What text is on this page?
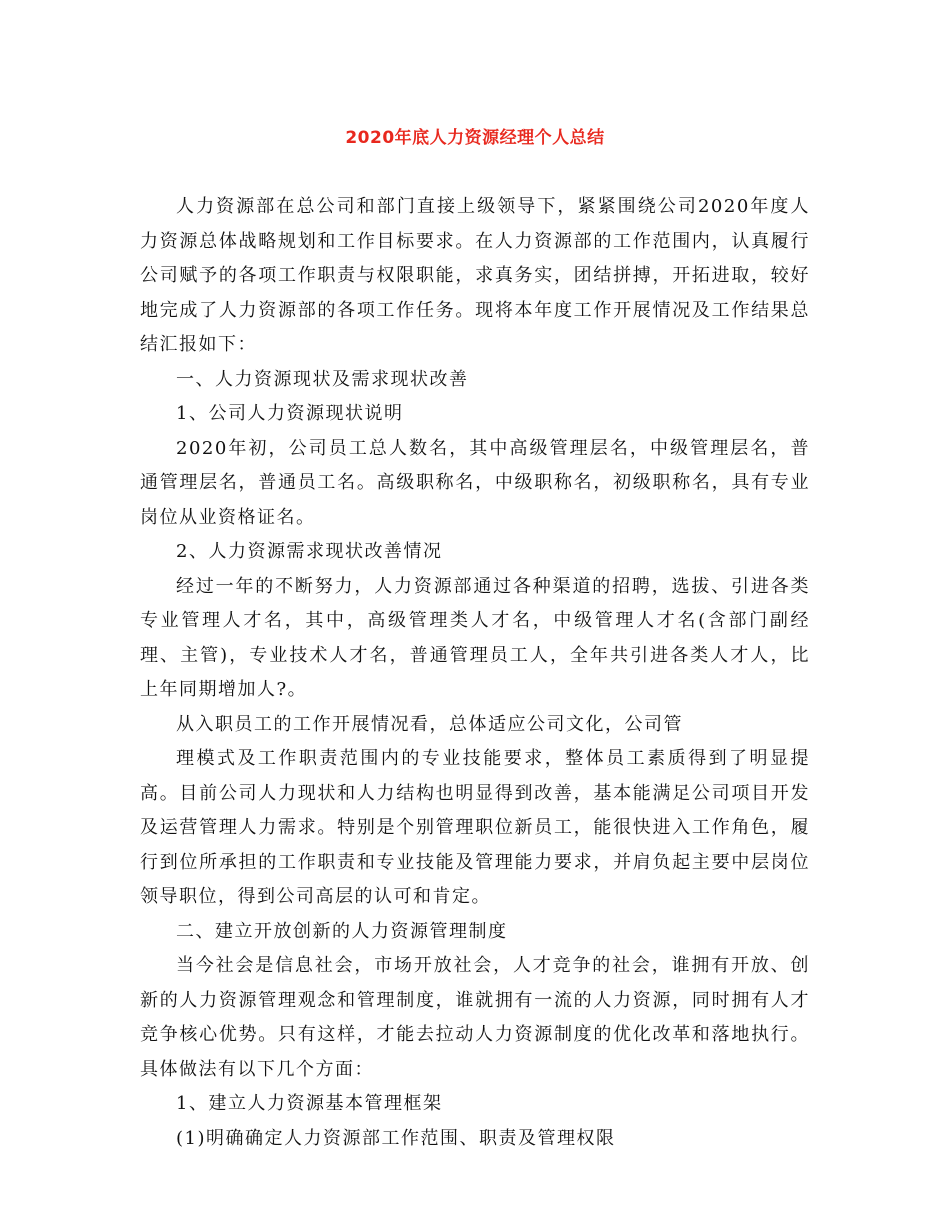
2020年底人力资源经理个人总结

人力资源部在总公司和部门直接上级领导下，紧紧围绕公司2020年度人力资源总体战略规划和工作目标要求。在人力资源部的工作范围内，认真履行公司赋予的各项工作职责与权限职能，求真务实，团结拼搏，开拓进取，较好地完成了人力资源部的各项工作任务。现将本年度工作开展情况及工作结果总结汇报如下：

一、人力资源现状及需求现状改善

1、公司人力资源现状说明

2020年初，公司员工总人数名，其中高级管理层名，中级管理层名，普通管理层名，普通员工名。高级职称名，中级职称名，初级职称名，具有专业岗位从业资格证名。

2、人力资源需求现状改善情况

经过一年的不断努力，人力资源部通过各种渠道的招聘，选拔、引进各类专业管理人才名，其中，高级管理类人才名，中级管理人才名(含部门副经理、主管)，专业技术人才名，普通管理员工人，全年共引进各类人才人，比上年同期增加人?。

从入职员工的工作开展情况看，总体适应公司文化，公司管

理模式及工作职责范围内的专业技能要求，整体员工素质得到了明显提高。目前公司人力现状和人力结构也明显得到改善，基本能满足公司项目开发及运营管理人力需求。特别是个别管理职位新员工，能很快进入工作角色，履行到位所承担的工作职责和专业技能及管理能力要求，并肩负起主要中层岗位领导职位，得到公司高层的认可和肯定。

二、建立开放创新的人力资源管理制度

当今社会是信息社会，市场开放社会，人才竞争的社会，谁拥有开放、创新的人力资源管理观念和管理制度，谁就拥有一流的人力资源，同时拥有人才竞争核心优势。只有这样，才能去拉动人力资源制度的优化改革和落地执行。具体做法有以下几个方面：

1、建立人力资源基本管理框架

(1)明确确定人力资源部工作范围、职责及管理权限
